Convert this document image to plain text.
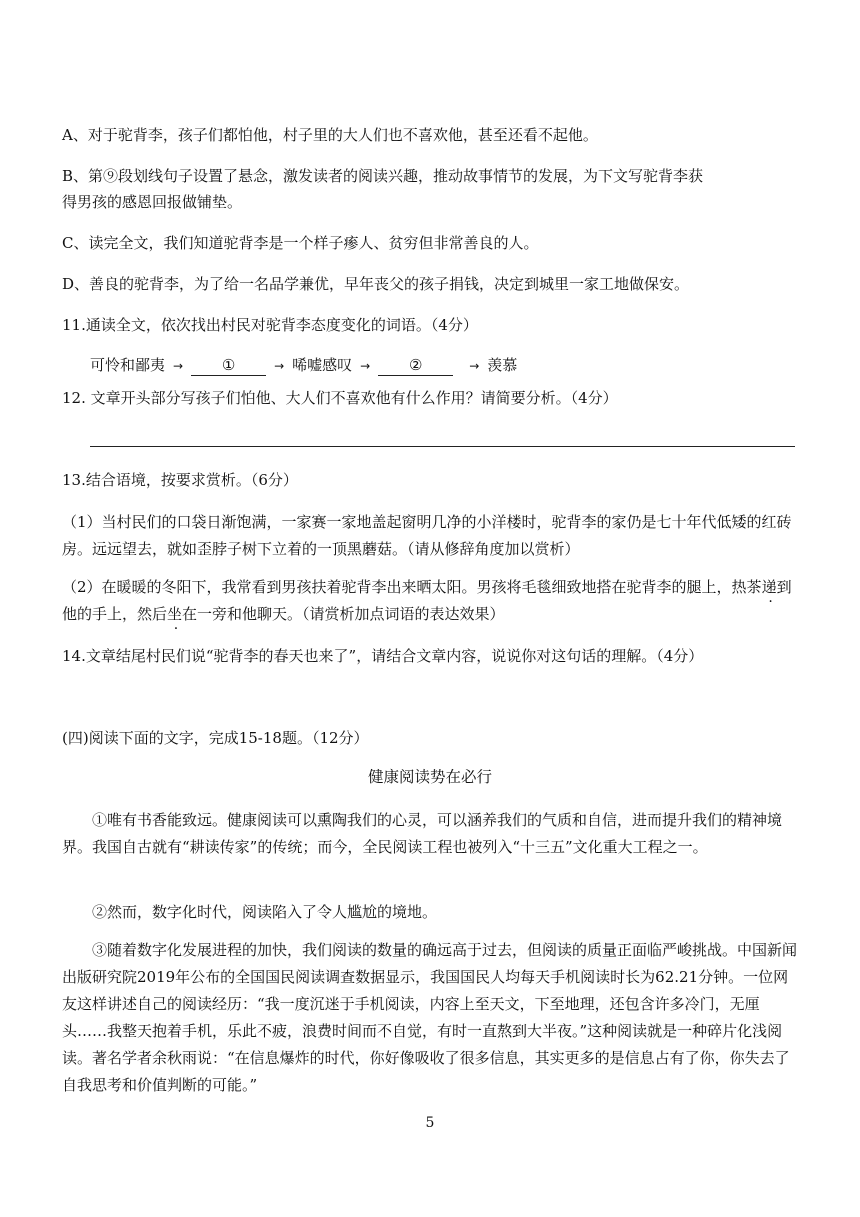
A、对于驼背李，孩子们都怕他，村子里的大人们也不喜欢他，甚至还看不起他。
B、第⑨段划线句子设置了悬念，激发读者的阅读兴趣，推动故事情节的发展，为下文写驼背李获
得男孩的感恩回报做铺垫。
C、读完全文，我们知道驼背李是一个样子瘆人、贫穷但非常善良的人。
D、善良的驼背李，为了给一名品学兼优，早年丧父的孩子捐钱，决定到城里一家工地做保安。
11.通读全文，依次找出村民对驼背李态度变化的词语。（4分）
可怜和鄙夷 →	①	→ 唏嘘感叹 →	②	→ 羡慕
12. 文章开头部分写孩子们怕他、大人们不喜欢他有什么作用？请简要分析。（4分）
13.结合语境，按要求赏析。（6分）
（1）当村民们的口袋日渐饱满，一家赛一家地盖起窗明几净的小洋楼时，驼背李的家仍是七十年代低矮的红砖房。远远望去，就如歪脖子树下立着的一顶黑蘑菇。（请从修辞角度加以赏析）
（2）在暖暖的冬阳下，我常看到男孩扶着驼背李出来晒太阳。男孩将毛毯细致地搭在驼背李的腿上，热茶递到他的手上，然后坐在一旁和他聊天。（请赏析加点词语的表达效果）
14.文章结尾村民们说“驼背李的春天也来了”，请结合文章内容，说说你对这句话的理解。（4分）
(四)阅读下面的文字，完成15-18题。（12分）
健康阅读势在必行
①唯有书香能致远。健康阅读可以熏陶我们的心灵，可以涵养我们的气质和自信，进而提升我们的精神境界。我国自古就有“耕读传家”的传统；而今，全民阅读工程也被列入“十三五”文化重大工程之一。
②然而，数字化时代，阅读陷入了令人尴尬的境地。
③随着数字化发展进程的加快，我们阅读的数量的确远高于过去，但阅读的质量正面临严峻挑战。中国新闻出版研究院2019年公布的全国国民阅读调查数据显示，我国国民人均每天手机阅读时长为62.21分钟。一位网友这样讲述自己的阅读经历：“我一度沉迷于手机阅读，内容上至天文，下至地理，还包含许多冷门，无厘头……我整天抱着手机，乐此不疲，浪费时间而不自觉，有时一直熬到大半夜。”这种阅读就是一种碎片化浅阅读。著名学者余秋雨说：“在信息爆炸的时代，你好像吸收了很多信息，其实更多的是信息占有了你，你失去了自我思考和价值判断的可能。”
5
